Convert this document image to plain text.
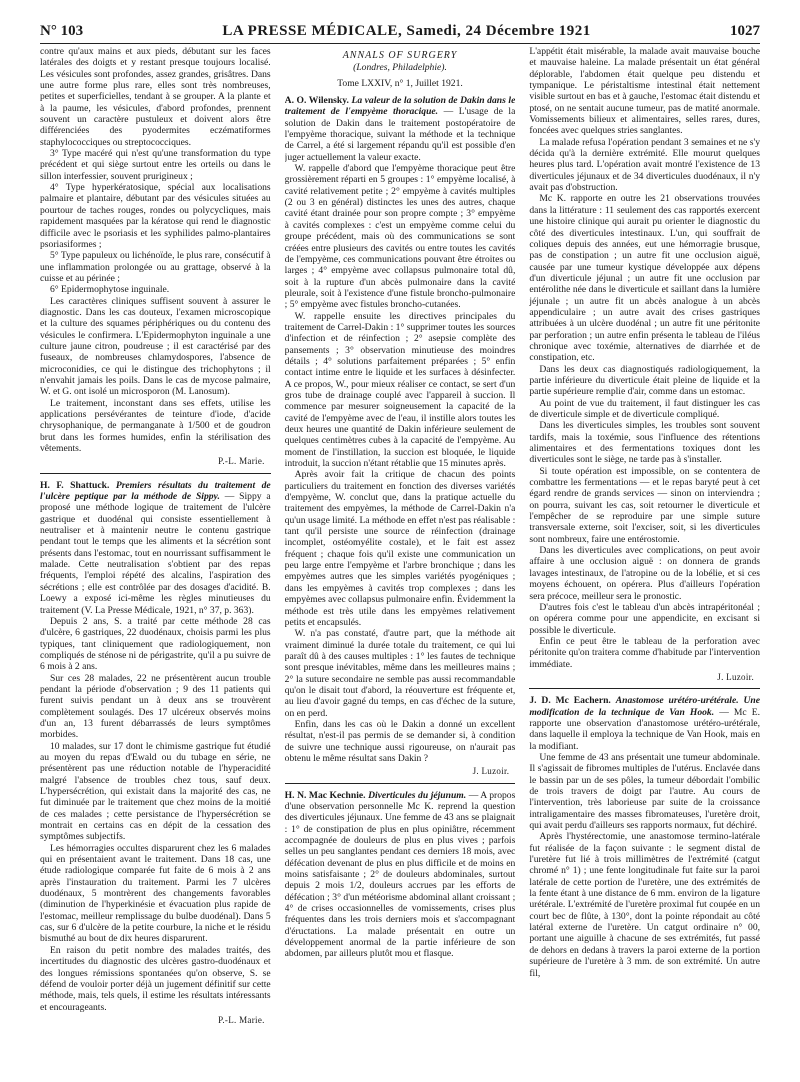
N° 103	LA PRESSE MÉDICALE, Samedi, 24 Décembre 1921	1027

contre qu'aux mains et aux pieds, débutant sur les faces latérales des doigts et y restant presque toujours localisé. Les vésicules sont profondes, assez grandes, grisâtres. Dans une autre forme plus rare, elles sont très nombreuses, petites et superficielles, tendant à se grouper. A la plante et à la paume, les vésicules, d'abord profondes, prennent souvent un caractère pustuleux et doivent alors être différenciées des pyodermites eczématiformes staphylococciques ou streptococciques.

3° Type macéré qui n'est qu'une transformation du type précédent et qui siège surtout entre les orteils ou dans le sillon interfessier, souvent prurigineux ;

4° Type hyperkératosique, spécial aux localisations palmaire et plantaire, débutant par des vésicules situées au pourtour de taches rouges, rondes ou polycycliques, mais rapidement masquées par la kératose qui rend le diagnostic difficile avec le psoriasis et les syphilides palmo-plantaires psoriasiformes ;

5° Type papuleux ou lichénoïde, le plus rare, consécutif à une inflammation prolongée ou au grattage, observé à la cuisse et au périnée ;

6° Epidermophytose inguinale.

Les caractères cliniques suffisent souvent à assurer le diagnostic. Dans les cas douteux, l'examen microscopique et la culture des squames périphériques ou du contenu des vésicules le confirmera. L'Epidermophyton inguinale a une culture jaune citron, poudreuse ; il est caractérisé par des fuseaux, de nombreuses chlamydospores, l'absence de microconidies, ce qui le distingue des trichophytons ; il n'envahit jamais les poils. Dans le cas de mycose palmaire, W. et G. ont isolé un microsporon (M. Lanosum).

Le traitement, inconstant dans ses effets, utilise les applications persévérantes de teinture d'iode, d'acide chrysophanique, de permanganate à 1/500 et de goudron brut dans les formes humides, enfin la stérilisation des vêtements.

P.-L. Marie.

H. F. Shattuck. Premiers résultats du traitement de l'ulcère peptique par la méthode de Sippy. — Sippy a proposé une méthode logique de traitement de l'ulcère gastrique et duodénal qui consiste essentiellement à neutraliser et à maintenir neutre le contenu gastrique pendant tout le temps que les aliments et la sécrétion sont présents dans l'estomac, tout en nourrissant suffisamment le malade. Cette neutralisation s'obtient par des repas fréquents, l'emploi répété des alcalins, l'aspiration des sécrétions ; elle est contrôlée par des dosages d'acidité. B. Loewy a exposé ici-même les règles minutieuses du traitement (V. La Presse Médicale, 1921, n° 37, p. 363).

Depuis 2 ans, S. a traité par cette méthode 28 cas d'ulcère, 6 gastriques, 22 duodénaux, choisis parmi les plus typiques, tant cliniquement que radiologiquement, non compliqués de sténose ni de périgastrite, qu'il a pu suivre de 6 mois à 2 ans.

Sur ces 28 malades, 22 ne présentèrent aucun trouble pendant la période d'observation ; 9 des 11 patients qui furent suivis pendant un à deux ans se trouvèrent complètement soulagés. Des 17 ulcéreux observés moins d'un an, 13 furent débarrassés de leurs symptômes morbides.

10 malades, sur 17 dont le chimisme gastrique fut étudié au moyen du repas d'Ewald ou du tubage en série, ne présentèrent pas une réduction notable de l'hyperacidité malgré l'absence de troubles chez tous, sauf deux. L'hypersécrétion, qui existait dans la majorité des cas, ne fut diminuée par le traitement que chez moins de la moitié de ces malades ; cette persistance de l'hypersécrétion se montrait en certains cas en dépit de la cessation des symptômes subjectifs.

Les hémorragies occultes disparurent chez les 6 malades qui en présentaient avant le traitement. Dans 18 cas, une étude radiologique comparée fut faite de 6 mois à 2 ans après l'instauration du traitement. Parmi les 7 ulcères duodénaux, 5 montrèrent des changements favorables (diminution de l'hyperkinésie et évacuation plus rapide de l'estomac, meilleur remplissage du bulbe duodénal). Dans 5 cas, sur 6 d'ulcère de la petite courbure, la niche et le résidu bismuthé au bout de dix heures disparurent.

En raison du petit nombre des malades traités, des incertitudes du diagnostic des ulcères gastro-duodénaux et des longues rémissions spontanées qu'on observe, S. se défend de vouloir porter déjà un jugement définitif sur cette méthode, mais, tels quels, il estime les résultats intéressants et encourageants.

P.-L. Marie.

ANNALS OF SURGERY
(Londres, Philadelphie).
Tome LXXIV, n° 1, Juillet 1921.

A. O. Wilensky. La valeur de la solution de Dakin dans le traitement de l'empyème thoracique. — L'usage de la solution de Dakin dans le traitement postopératoire de l'empyème thoracique, suivant la méthode et la technique de Carrel, a été si largement répandu qu'il est possible d'en juger actuellement la valeur exacte.

W. rappelle d'abord que l'empyème thoracique peut être grossièrement réparti en 5 groupes : 1° empyème localisé, à cavité relativement petite ; 2° empyème à cavités multiples (2 ou 3 en général) distinctes les unes des autres, chaque cavité étant drainée pour son propre compte ; 3° empyème à cavités complexes : c'est un empyème comme celui du groupe précédent, mais où des communications se sont créées entre plusieurs des cavités ou entre toutes les cavités de l'empyème, ces communications pouvant être étroites ou larges ; 4° empyème avec collapsus pulmonaire total dû, soit à la rupture d'un abcès pulmonaire dans la cavité pleurale, soit à l'existence d'une fistule broncho-pulmonaire ; 5° empyème avec fistules broncho-cutanées.

W. rappelle ensuite les directives principales du traitement de Carrel-Dakin : 1° supprimer toutes les sources d'infection et de réinfection ; 2° asepsie complète des pansements ; 3° observation minutieuse des moindres détails ; 4° solutions parfaitement préparées ; 5° enfin contact intime entre le liquide et les surfaces à désinfecter. A ce propos, W., pour mieux réaliser ce contact, se sert d'un gros tube de drainage couplé avec l'appareil à succion. Il commence par mesurer soigneusement la capacité de la cavité de l'empyème avec de l'eau, il instille alors toutes les deux heures une quantité de Dakin inférieure seulement de quelques centimètres cubes à la capacité de l'empyème. Au moment de l'instillation, la succion est bloquée, le liquide introduit, la succion n'étant rétablie que 15 minutes après.

Après avoir fait la critique de chacun des points particuliers du traitement en fonction des diverses variétés d'empyème, W. conclut que, dans la pratique actuelle du traitement des empyèmes, la méthode de Carrel-Dakin n'a qu'un usage limité. La méthode en effet n'est pas réalisable : tant qu'il persiste une source de réinfection (drainage incomplet, ostéomyélite costale), et le fait est assez fréquent ; chaque fois qu'il existe une communication un peu large entre l'empyème et l'arbre bronchique ; dans les empyèmes autres que les simples variétés pyogéniques ; dans les empyèmes à cavités trop complexes ; dans les empyèmes avec collapsus pulmonaire enfin. Évidemment la méthode est très utile dans les empyèmes relativement petits et encapsulés.

W. n'a pas constaté, d'autre part, que la méthode ait vraiment diminué la durée totale du traitement, ce qui lui paraît dû à des causes multiples : 1° les fautes de technique sont presque inévitables, même dans les meilleures mains ; 2° la suture secondaire ne semble pas aussi recommandable qu'on le disait tout d'abord, la réouverture est fréquente et, au lieu d'avoir gagné du temps, en cas d'échec de la suture, on en perd.

Enfin, dans les cas où le Dakin a donné un excellent résultat, n'est-il pas permis de se demander si, à condition de suivre une technique aussi rigoureuse, on n'aurait pas obtenu le même résultat sans Dakin ?

J. Luzoir.

H. N. Mac Kechnie. Diverticules du jéjunum. — A propos d'une observation personnelle Mc K. reprend la question des diverticules jéjunaux. Une femme de 43 ans se plaignait : 1° de constipation de plus en plus opiniâtre, récemment accompagnée de douleurs de plus en plus vives ; parfois selles un peu sanglantes pendant ces derniers 18 mois, avec défécation devenant de plus en plus difficile et de moins en moins satisfaisante ; 2° de douleurs abdominales, surtout depuis 2 mois 1/2, douleurs accrues par les efforts de défécation ; 3° d'un météorisme abdominal allant croissant ; 4° de crises occasionnelles de vomissements, crises plus fréquentes dans les trois derniers mois et s'accompagnant d'éructations. La malade présentait en outre un développement anormal de la partie inférieure de son abdomen, par ailleurs plutôt mou et flasque.

L'appétit était misérable, la malade avait mauvaise bouche et mauvaise haleine. La malade présentait un état général déplorable, l'abdomen était quelque peu distendu et tympanique. Le péristaltisme intestinal était nettement visible surtout en bas et à gauche, l'estomac était distendu et ptosé, on ne sentait aucune tumeur, pas de matité anormale. Vomissements bilieux et alimentaires, selles rares, dures, foncées avec quelques stries sanglantes.

La malade refusa l'opération pendant 3 semaines et ne s'y décida qu'à la dernière extrémité. Elle mourut quelques heures plus tard. L'opération avait montré l'existence de 13 diverticules jéjunaux et de 34 diverticules duodénaux, il n'y avait pas d'obstruction.

Mc K. rapporte en outre les 21 observations trouvées dans la littérature : 11 seulement des cas rapportés exercent une histoire clinique qui aurait pu orienter le diagnostic du côté des diverticules intestinaux. L'un, qui souffrait de coliques depuis des années, eut une hémorragie brusque, pas de constipation ; un autre fit une occlusion aiguë, causée par une tumeur kystique développée aux dépens d'un diverticule jéjunal ; un autre fit une occlusion par entérolithe née dans le diverticule et saillant dans la lumière jéjunale ; un autre fit un abcès analogue à un abcès appendiculaire ; un autre avait des crises gastriques attribuées à un ulcère duodénal ; un autre fit une péritonite par perforation ; un autre enfin présenta le tableau de l'iléus chronique avec toxémie, alternatives de diarrhée et de constipation, etc.

Dans les deux cas diagnostiqués radiologiquement, la partie inférieure du diverticule était pleine de liquide et la partie supérieure remplie d'air, comme dans un estomac.

Au point de vue du traitement, il faut distinguer les cas de diverticule simple et de diverticule compliqué.

Dans les diverticules simples, les troubles sont souvent tardifs, mais la toxémie, sous l'influence des rétentions alimentaires et des fermentations toxiques dont les diverticules sont le siège, ne tarde pas à s'installer.

Si toute opération est impossible, on se contentera de combattre les fermentations — et le repas baryté peut à cet égard rendre de grands services — sinon on interviendra ; on pourra, suivant les cas, soit retourner le diverticule et l'empêcher de se reproduire par une simple suture transversale externe, soit l'exciser, soit, si les diverticules sont nombreux, faire une entérostomie.

Dans les diverticules avec complications, on peut avoir affaire à une occlusion aiguë : on donnera de grands lavages intestinaux, de l'atropine ou de la lobélie, et si ces moyens échouent, on opérera. Plus d'ailleurs l'opération sera précoce, meilleur sera le pronostic.

D'autres fois c'est le tableau d'un abcès intrapéritonéal ; on opérera comme pour une appendicite, en excisant si possible le diverticule.

Enfin ce peut être le tableau de la perforation avec péritonite qu'on traitera comme d'habitude par l'intervention immédiate.

J. Luzoir.

J. D. Mc Eachern. Anastomose urétéro-urétérale. Une modification de la technique de Van Hook. — Mc E. rapporte une observation d'anastomose urétéro-urétérale, dans laquelle il employa la technique de Van Hook, mais en la modifiant.

Une femme de 43 ans présentait une tumeur abdominale. Il s'agissait de fibromes multiples de l'utérus. Enclavée dans le bassin par un de ses pôles, la tumeur débordait l'ombilic de trois travers de doigt par l'autre. Au cours de l'intervention, très laborieuse par suite de la croissance intraligamentaire des masses fibromateuses, l'uretère droit, qui avait perdu d'ailleurs ses rapports normaux, fut déchiré.

Après l'hystérectomie, une anastomose termino-latérale fut réalisée de la façon suivante : le segment distal de l'uretère fut lié à trois millimètres de l'extrémité (catgut chromé n° 1) ; une fente longitudinale fut faite sur la paroi latérale de cette portion de l'uretère, une des extrémités de la fente étant à une distance de 6 mm. environ de la ligature urétérale. L'extrémité de l'uretère proximal fut coupée en un court bec de flûte, à 130°, dont la pointe répondait au côté latéral externe de l'uretère. Un catgut ordinaire n° 00, portant une aiguille à chacune de ses extrémités, fut passé de dehors en dedans à travers la paroi externe de la portion supérieure de l'uretère à 3 mm. de son extrémité. Un autre fil,
